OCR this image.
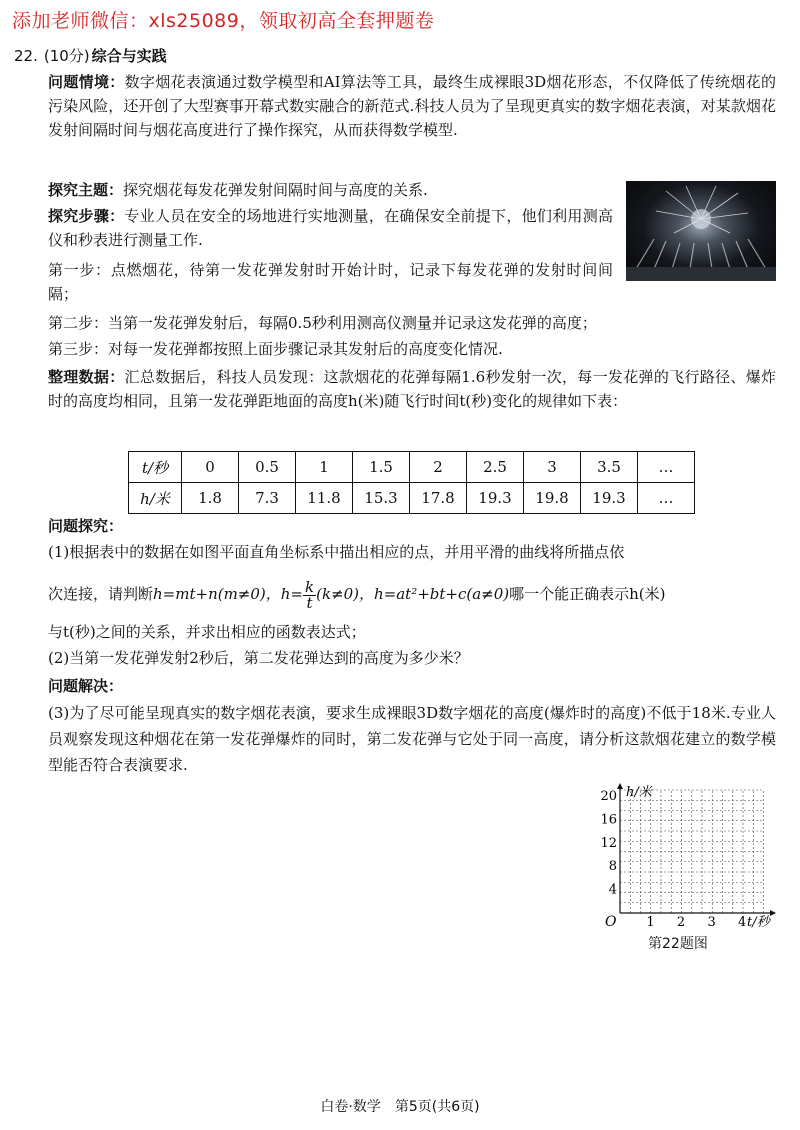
添加老师微信：xls25089，领取初高全套押题卷
22. (10分) 综合与实践
问题情境：数字烟花表演通过数学模型和AI算法等工具，最终生成裸眼3D烟花形态，不仅降低了传统烟花的污染风险，还开创了大型赛事开幕式数实融合的新范式.科技人员为了呈现更真实的数字烟花表演，对某款烟花发射间隔时间与烟花高度进行了操作探究，从而获得数学模型.
探究主题：探究烟花每发花弹发射间隔时间与高度的关系.
探究步骤：专业人员在安全的场地进行实地测量，在确保安全前提下，他们利用测高仪和秒表进行测量工作.
第一步：点燃烟花，待第一发花弹发射时开始计时，记录下每发花弹的发射时间间隔；
第二步：当第一发花弹发射后，每隔0.5秒利用测高仪测量并记录这发花弹的高度；
第三步：对每一发花弹都按照上面步骤记录其发射后的高度变化情况.
整理数据：汇总数据后，科技人员发现：这款烟花的花弹每隔1.6秒发射一次，每一发花弹的飞行路径、爆炸时的高度均相同，且第一发花弹距地面的高度h(米)随飞行时间t(秒)变化的规律如下表：
t/秒	0	0.5	1	1.5	2	2.5	3	3.5	…
h/米	1.8	7.3	11.8	15.3	17.8	19.3	19.8	19.3	…
问题探究：
(1)根据表中的数据在如图平面直角坐标系中描出相应的点，并用平滑的曲线将所描点依
次连接，请判断h=mt+n(m≠0)，$h= \frac{k}{t} (k\ne 0)$，h=at²+bt+c(a≠0)哪一个能正确表示h(米)
与t(秒)之间的关系，并求出相应的函数表达式；
(2)当第一发花弹发射2秒后，第二发花弹达到的高度为多少米？
问题解决：
(3)为了尽可能呈现真实的数字烟花表演，要求生成裸眼3D数字烟花的高度(爆炸时的高度)不低于18米.专业人员观察发现这种烟花在第一发花弹爆炸的同时，第二发花弹与它处于同一高度，请分析这款烟花建立的数学模型能否符合表演要求.
h/米
t/秒
O
4
8
12
16
20
1 2 3 4
第22题图
白卷·数学　第5页(共6页)
